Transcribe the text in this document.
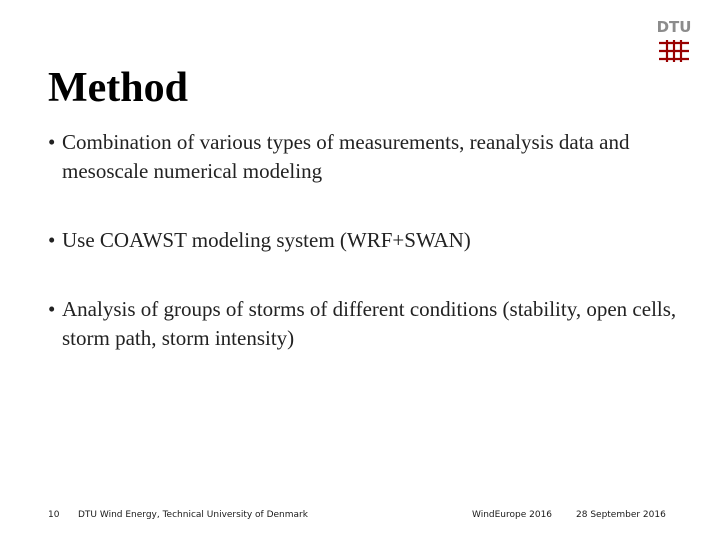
DTU
Method
• Combination of various types of measurements, reanalysis data and mesoscale numerical modeling
• Use COAWST modeling system (WRF+SWAN)
• Analysis of groups of storms of different conditions (stability, open cells, storm path, storm intensity)
10 DTU Wind Energy, Technical University of Denmark	WindEurope 2016	28 September 2016
